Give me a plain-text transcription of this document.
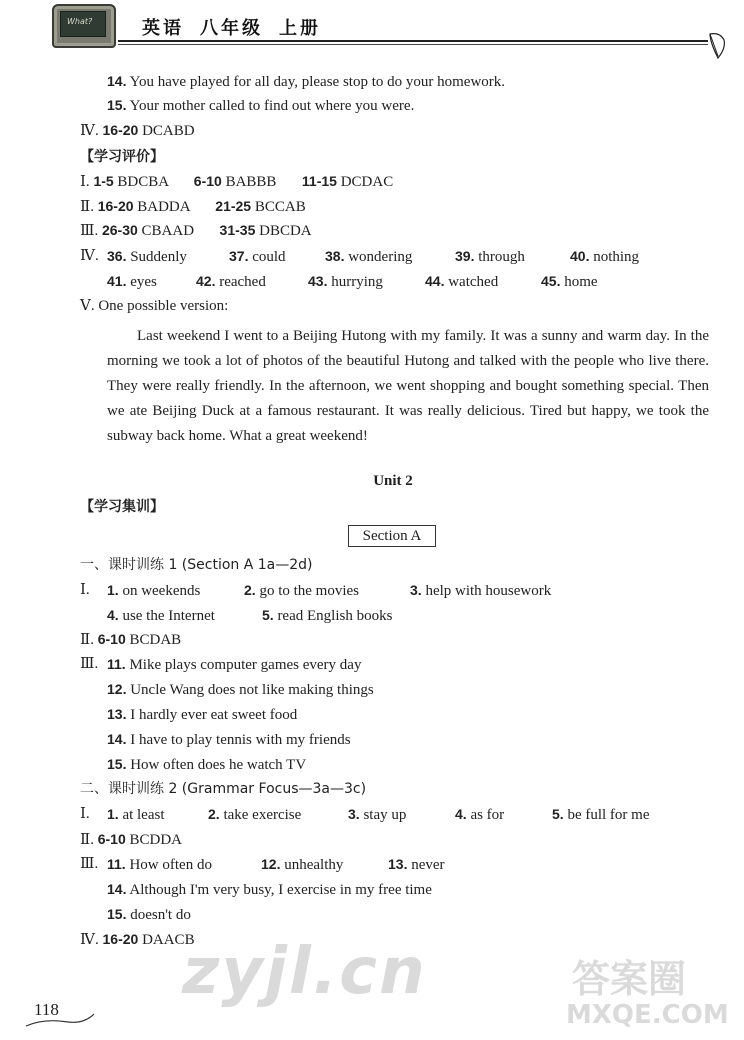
What?	英语 八年级 上册
14. You have played for all day, please stop to do your homework.
15. Your mother called to find out where you were.
Ⅳ. 16-20 DCABD
【学习评价】
Ⅰ. 1-5 BDCBA 6-10 BABBB 11-15 DCDAC
Ⅱ. 16-20 BADDA 21-25 BCCAB
Ⅲ. 26-30 CBAAD 31-35 DBCDA
Ⅳ. 36. Suddenly	37. could	38. wondering	39. through	40. nothing
41. eyes	42. reached	43. hurrying	44. watched	45. home
Ⅴ. One possible version:

Last weekend I went to a Beijing Hutong with my family. It was a sunny and warm day. In the morning we took a lot of photos of the beautiful Hutong and talked with the people who live there. They were really friendly. In the afternoon, we went shopping and bought something special. Then we ate Beijing Duck at a famous restaurant. It was really delicious. Tired but happy, we took the subway back home. What a great weekend!

Unit 2
【学习集训】
Section A
一、课时训练 1 (Section A 1a—2d)
Ⅰ. 1. on weekends	2. go to the movies	3. help with housework
4. use the Internet	5. read English books
Ⅱ. 6-10 BCDAB
Ⅲ. 11. Mike plays computer games every day
12. Uncle Wang does not like making things
13. I hardly ever eat sweet food
14. I have to play tennis with my friends
15. How often does he watch TV
二、课时训练 2 (Grammar Focus—3a—3c)
Ⅰ. 1. at least	2. take exercise	3. stay up	4. as for	5. be full for me
Ⅱ. 6-10 BCDDA
Ⅲ. 11. How often do	12. unhealthy	13. never
14. Although I'm very busy, I exercise in my free time
15. doesn't do
Ⅳ. 16-20 DAACB
118
zyjl.cn	答案圈
MXQE.COM
